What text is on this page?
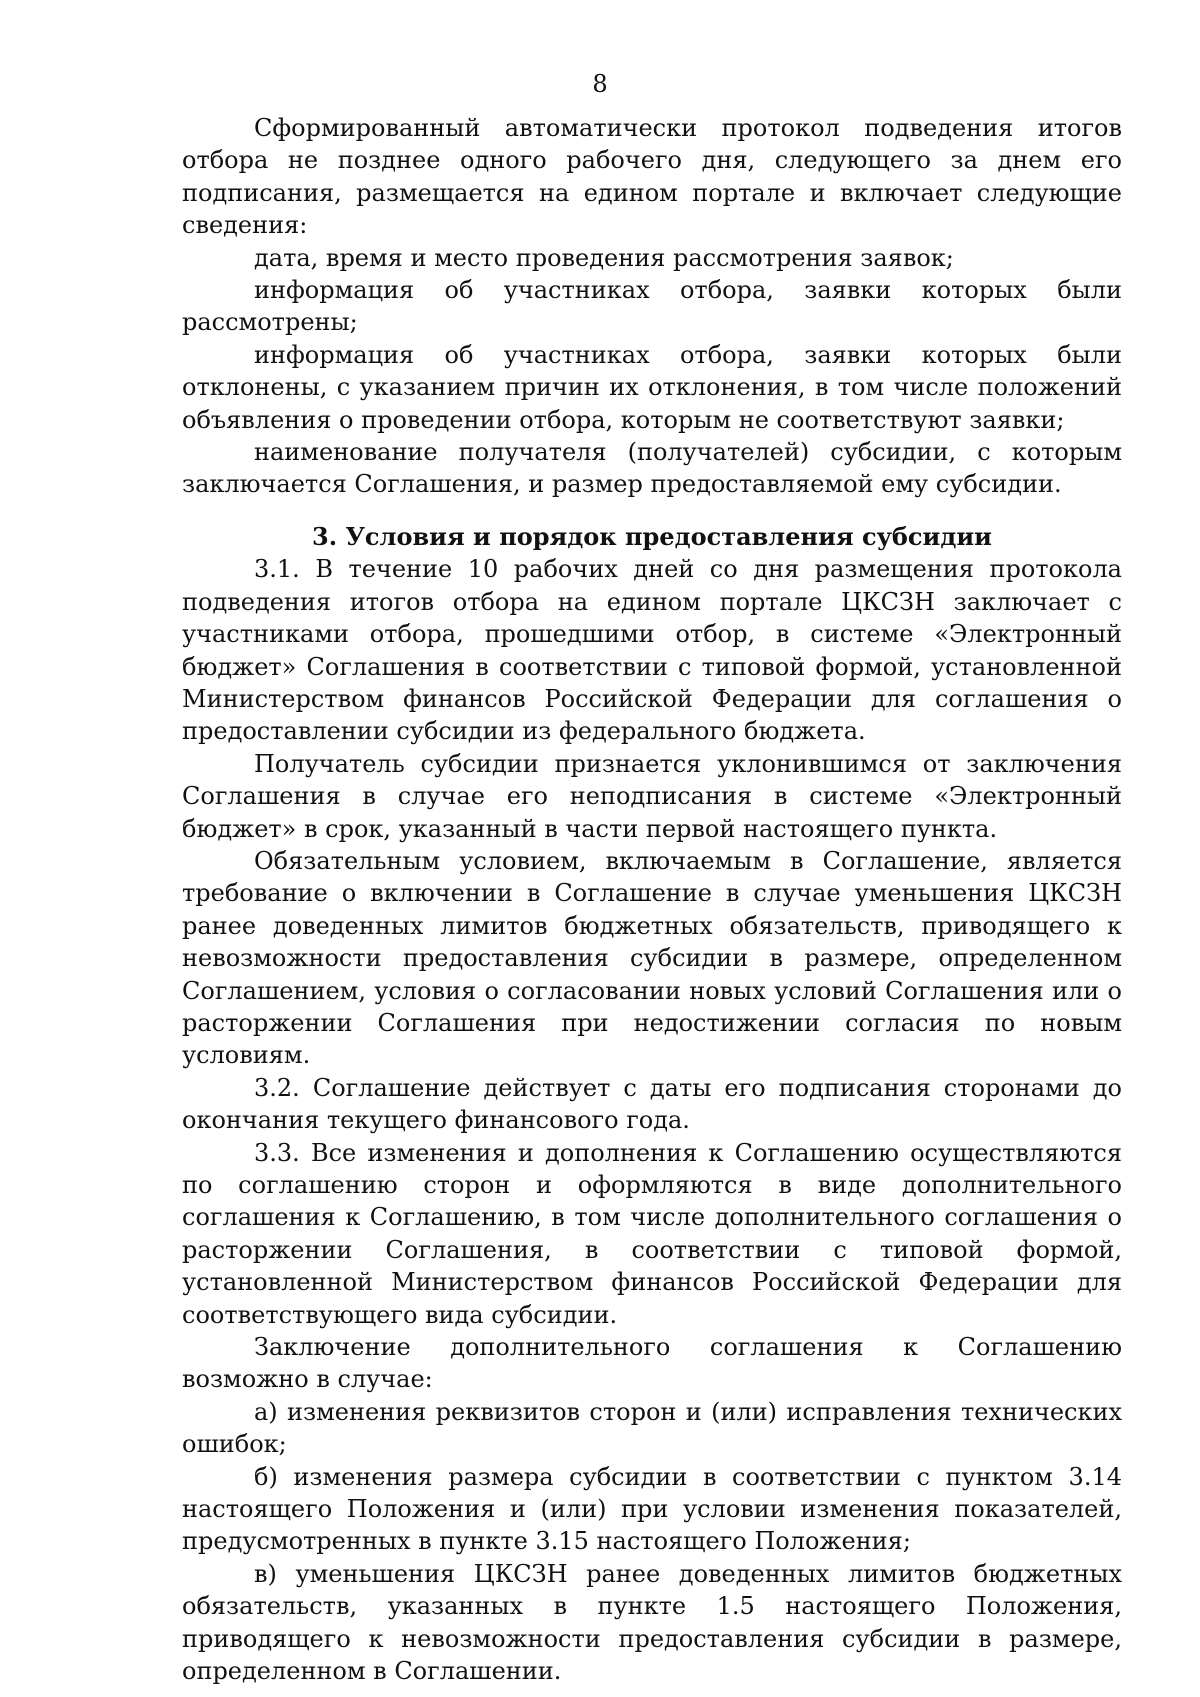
8

Сформированный автоматически протокол подведения итогов отбора не позднее одного рабочего дня, следующего за днем его подписания, размещается на едином портале и включает следующие сведения:

дата, время и место проведения рассмотрения заявок;

информация об участниках отбора, заявки которых были рассмотрены;

информация об участниках отбора, заявки которых были отклонены, с указанием причин их отклонения, в том числе положений объявления о проведении отбора, которым не соответствуют заявки;

наименование получателя (получателей) субсидии, с которым заключается Соглашения, и размер предоставляемой ему субсидии.

3. Условия и порядок предоставления субсидии

3.1. В течение 10 рабочих дней со дня размещения протокола подведения итогов отбора на едином портале ЦКСЗН заключает с участниками отбора, прошедшими отбор, в системе «Электронный бюджет» Соглашения в соответствии с типовой формой, установленной Министерством финансов Российской Федерации для соглашения о предоставлении субсидии из федерального бюджета.

Получатель субсидии признается уклонившимся от заключения Соглашения в случае его неподписания в системе «Электронный бюджет» в срок, указанный в части первой настоящего пункта.

Обязательным условием, включаемым в Соглашение, является требование о включении в Соглашение в случае уменьшения ЦКСЗН ранее доведенных лимитов бюджетных обязательств, приводящего к невозможности предоставления субсидии в размере, определенном Соглашением, условия о согласовании новых условий Соглашения или о расторжении Соглашения при недостижении согласия по новым условиям.

3.2. Соглашение действует с даты его подписания сторонами до окончания текущего финансового года.

3.3. Все изменения и дополнения к Соглашению осуществляются по соглашению сторон и оформляются в виде дополнительного соглашения к Соглашению, в том числе дополнительного соглашения о расторжении Соглашения, в соответствии с типовой формой, установленной Министерством финансов Российской Федерации для соответствующего вида субсидии.

Заключение дополнительного соглашения к Соглашению возможно в случае:

а) изменения реквизитов сторон и (или) исправления технических ошибок;

б) изменения размера субсидии в соответствии с пунктом 3.14 настоящего Положения и (или) при условии изменения показателей, предусмотренных в пункте 3.15 настоящего Положения;

в) уменьшения ЦКСЗН ранее доведенных лимитов бюджетных обязательств, указанных в пункте 1.5 настоящего Положения, приводящего к невозможности предоставления субсидии в размере, определенном в Соглашении.
